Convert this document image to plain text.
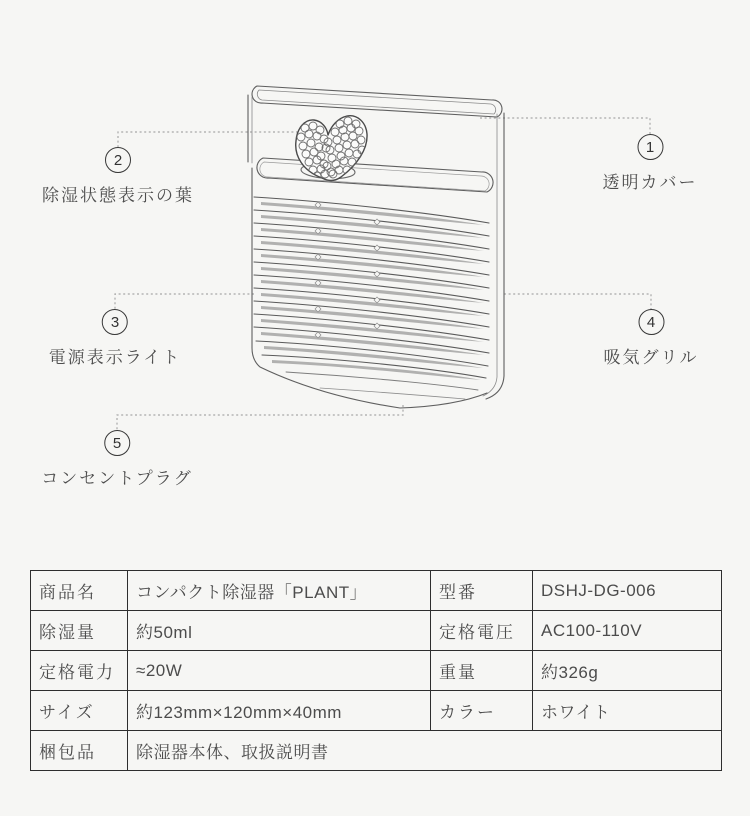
1
透明カバー
2
除湿状態表示の葉
3
電源表示ライト
4
吸気グリル
5
コンセントプラグ
商品名	コンパクト除湿器「PLANT」	型番	DSHJ-DG-006
除湿量	約50ml	定格電圧	AC100-110V
定格電力	≈20W	重量	約326g
サイズ	約123mm×120mm×40mm	カラー	ホワイト
梱包品	除湿器本体、取扱説明書		
